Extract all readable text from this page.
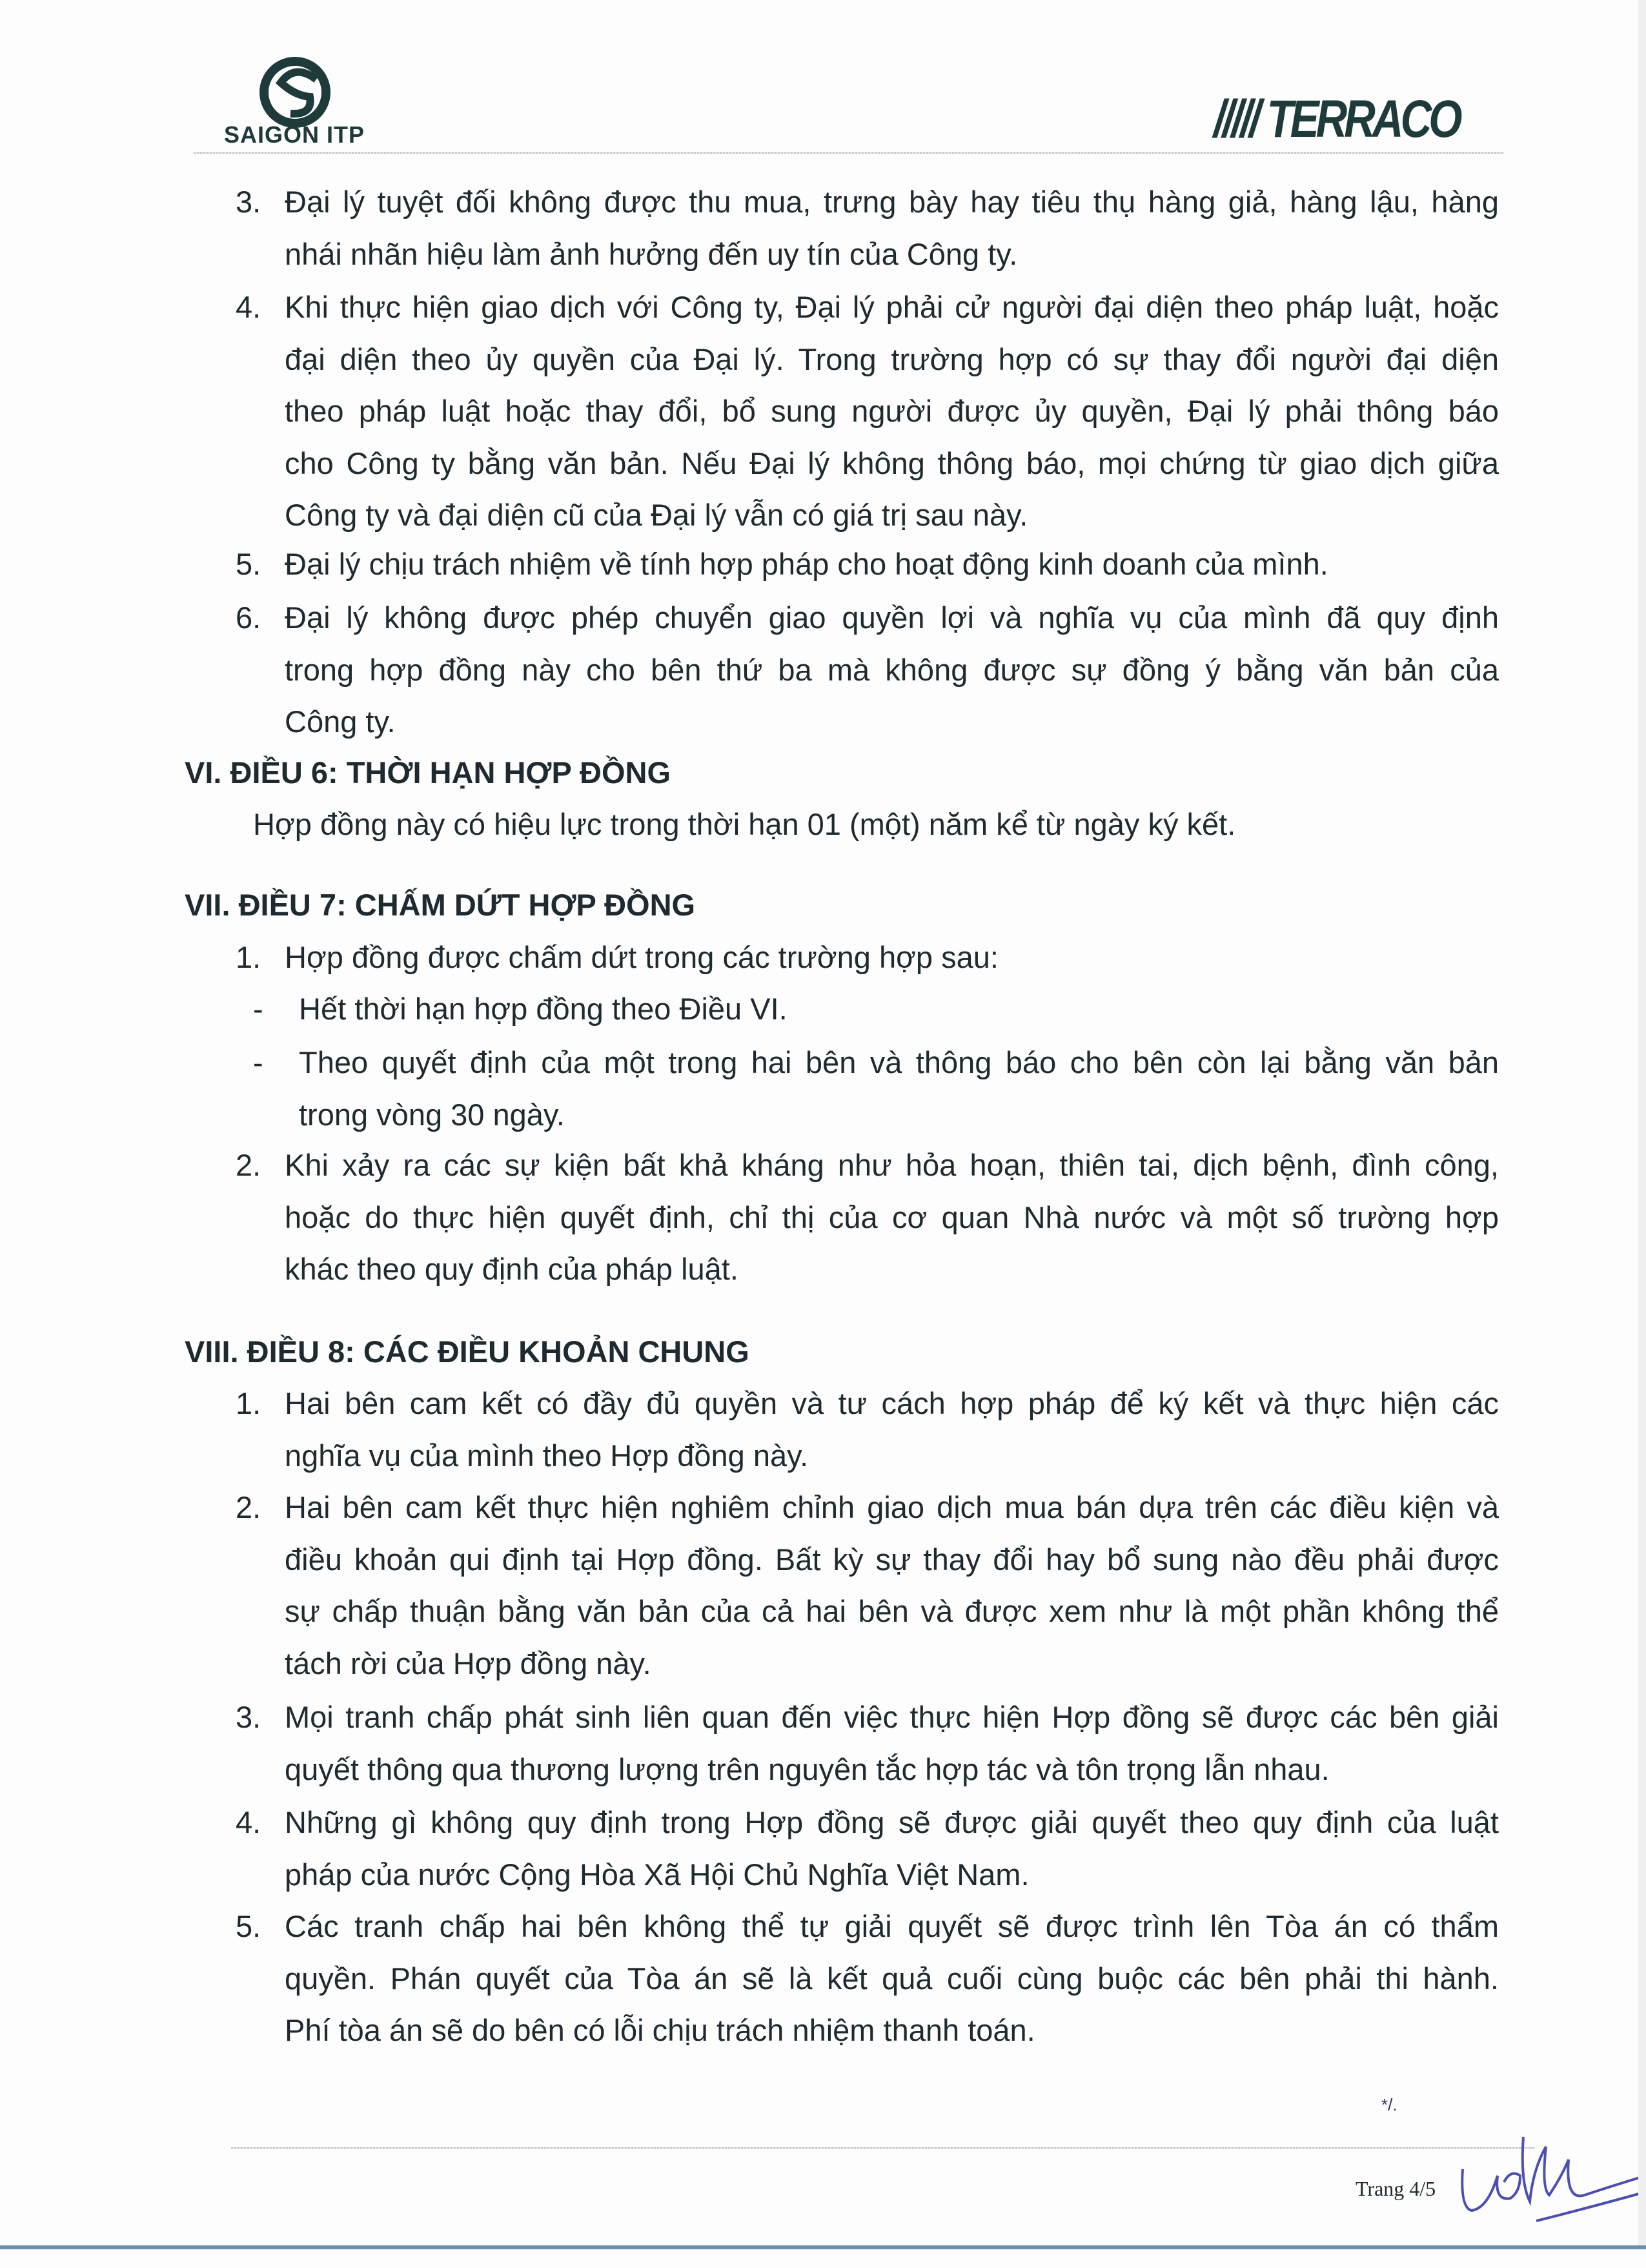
SAIGON ITP	///// TERRACO
3. Đại lý tuyệt đối không được thu mua, trưng bày hay tiêu thụ hàng giả, hàng lậu, hàng
nhái nhãn hiệu làm ảnh hưởng đến uy tín của Công ty.
4. Khi thực hiện giao dịch với Công ty, Đại lý phải cử người đại diện theo pháp luật, hoặc
đại diện theo ủy quyền của Đại lý. Trong trường hợp có sự thay đổi người đại diện
theo pháp luật hoặc thay đổi, bổ sung người được ủy quyền, Đại lý phải thông báo
cho Công ty bằng văn bản. Nếu Đại lý không thông báo, mọi chứng từ giao dịch giữa
Công ty và đại diện cũ của Đại lý vẫn có giá trị sau này.
5. Đại lý chịu trách nhiệm về tính hợp pháp cho hoạt động kinh doanh của mình.
6. Đại lý không được phép chuyển giao quyền lợi và nghĩa vụ của mình đã quy định
trong hợp đồng này cho bên thứ ba mà không được sự đồng ý bằng văn bản của
Công ty.
VI. ĐIỀU 6: THỜI HẠN HỢP ĐỒNG
Hợp đồng này có hiệu lực trong thời hạn 01 (một) năm kể từ ngày ký kết.
VII. ĐIỀU 7: CHẤM DỨT HỢP ĐỒNG
1. Hợp đồng được chấm dứt trong các trường hợp sau:
- Hết thời hạn hợp đồng theo Điều VI.
- Theo quyết định của một trong hai bên và thông báo cho bên còn lại bằng văn bản
trong vòng 30 ngày.
2. Khi xảy ra các sự kiện bất khả kháng như hỏa hoạn, thiên tai, dịch bệnh, đình công,
hoặc do thực hiện quyết định, chỉ thị của cơ quan Nhà nước và một số trường hợp
khác theo quy định của pháp luật.
VIII. ĐIỀU 8: CÁC ĐIỀU KHOẢN CHUNG
1. Hai bên cam kết có đầy đủ quyền và tư cách hợp pháp để ký kết và thực hiện các
nghĩa vụ của mình theo Hợp đồng này.
2. Hai bên cam kết thực hiện nghiêm chỉnh giao dịch mua bán dựa trên các điều kiện và
điều khoản qui định tại Hợp đồng. Bất kỳ sự thay đổi hay bổ sung nào đều phải được
sự chấp thuận bằng văn bản của cả hai bên và được xem như là một phần không thể
tách rời của Hợp đồng này.
3. Mọi tranh chấp phát sinh liên quan đến việc thực hiện Hợp đồng sẽ được các bên giải
quyết thông qua thương lượng trên nguyên tắc hợp tác và tôn trọng lẫn nhau.
4. Những gì không quy định trong Hợp đồng sẽ được giải quyết theo quy định của luật
pháp của nước Cộng Hòa Xã Hội Chủ Nghĩa Việt Nam.
5. Các tranh chấp hai bên không thể tự giải quyết sẽ được trình lên Tòa án có thẩm
quyền. Phán quyết của Tòa án sẽ là kết quả cuối cùng buộc các bên phải thi hành.
Phí tòa án sẽ do bên có lỗi chịu trách nhiệm thanh toán.
*/.
Trang 4/5
